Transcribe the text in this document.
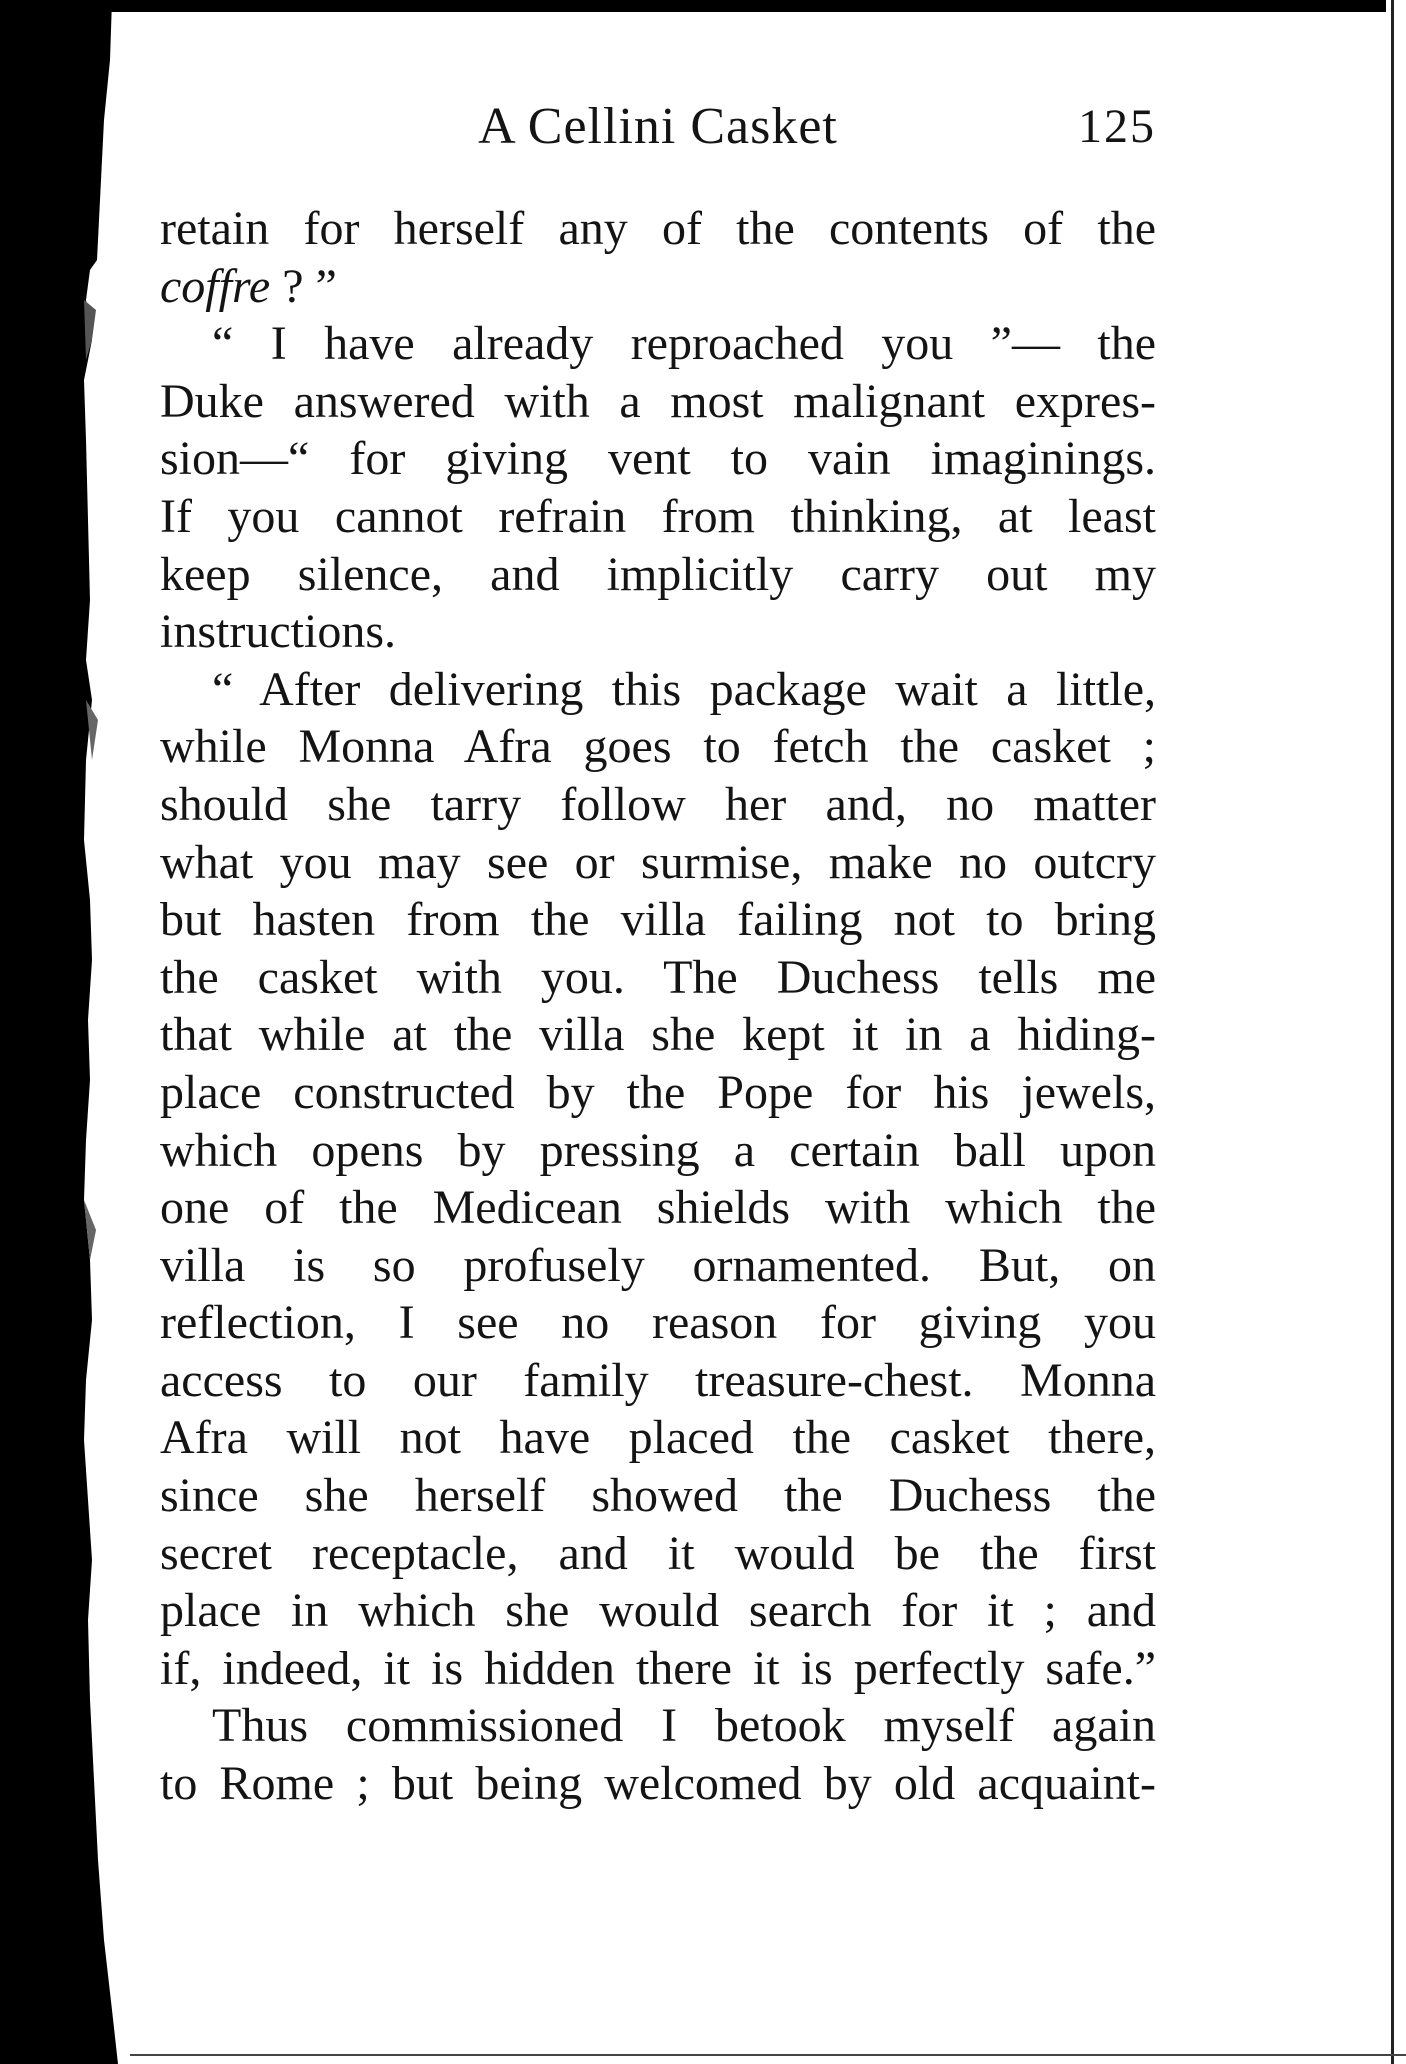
A Cellini Casket	125
retain for herself any of the contents of the
coffre ? ”
“ I have already reproached you ”— the
Duke answered with a most malignant expres-
sion—“ for giving vent to vain imaginings.
If you cannot refrain from thinking, at least
keep silence, and implicitly carry out my
instructions.
“ After delivering this package wait a little,
while Monna Afra goes to fetch the casket ;
should she tarry follow her and, no matter
what you may see or surmise, make no outcry
but hasten from the villa failing not to bring
the casket with you. The Duchess tells me
that while at the villa she kept it in a hiding-
place constructed by the Pope for his jewels,
which opens by pressing a certain ball upon
one of the Medicean shields with which the
villa is so profusely ornamented. But, on
reflection, I see no reason for giving you
access to our family treasure-chest. Monna
Afra will not have placed the casket there,
since she herself showed the Duchess the
secret receptacle, and it would be the first
place in which she would search for it ; and
if, indeed, it is hidden there it is perfectly safe.”
Thus commissioned I betook myself again
to Rome ; but being welcomed by old acquaint-
